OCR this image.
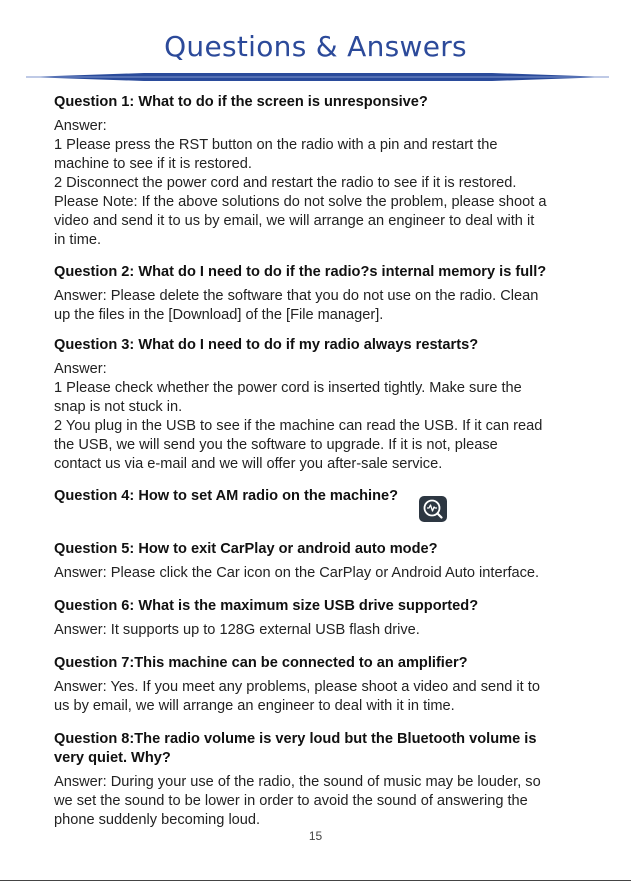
Questions & Answers

Question 1: What to do if the screen is unresponsive?

Answer:

1 Please press the RST button on the radio with a pin and restart the

machine to see if it is restored.

2 Disconnect the power cord and restart the radio to see if it is restored.

Please Note: If the above solutions do not solve the problem, please shoot a

video and send it to us by email, we will arrange an engineer to deal with it

in time.

Question 2: What do I need to do if the radio?s internal memory is full?

Answer: Please delete the software that you do not use on the radio. Clean

up the files in the [Download] of the [File manager].

Question 3: What do I need to do if my radio always restarts?

Answer:

1 Please check whether the power cord is inserted tightly. Make sure the

snap is not stuck in.

2 You plug in the USB to see if the machine can read the USB. If it can read

the USB, we will send you the software to upgrade. If it is not, please

contact us via e-mail and we will offer you after-sale service.

Question 4: How to set AM radio on the machine?

Question 5: How to exit CarPlay or android auto mode?

Answer: Please click the Car icon on the CarPlay or Android Auto interface.

Question 6: What is the maximum size USB drive supported?

Answer: It supports up to 128G external USB flash drive.

Question 7:This machine can be connected to an amplifier?

Answer: Yes. If you meet any problems, please shoot a video and send it to

us by email, we will arrange an engineer to deal with it in time.

Question 8:The radio volume is very loud but the Bluetooth volume is

very quiet. Why?

Answer: During your use of the radio, the sound of music may be louder, so

we set the sound to be lower in order to avoid the sound of answering the

phone suddenly becoming loud.

15
